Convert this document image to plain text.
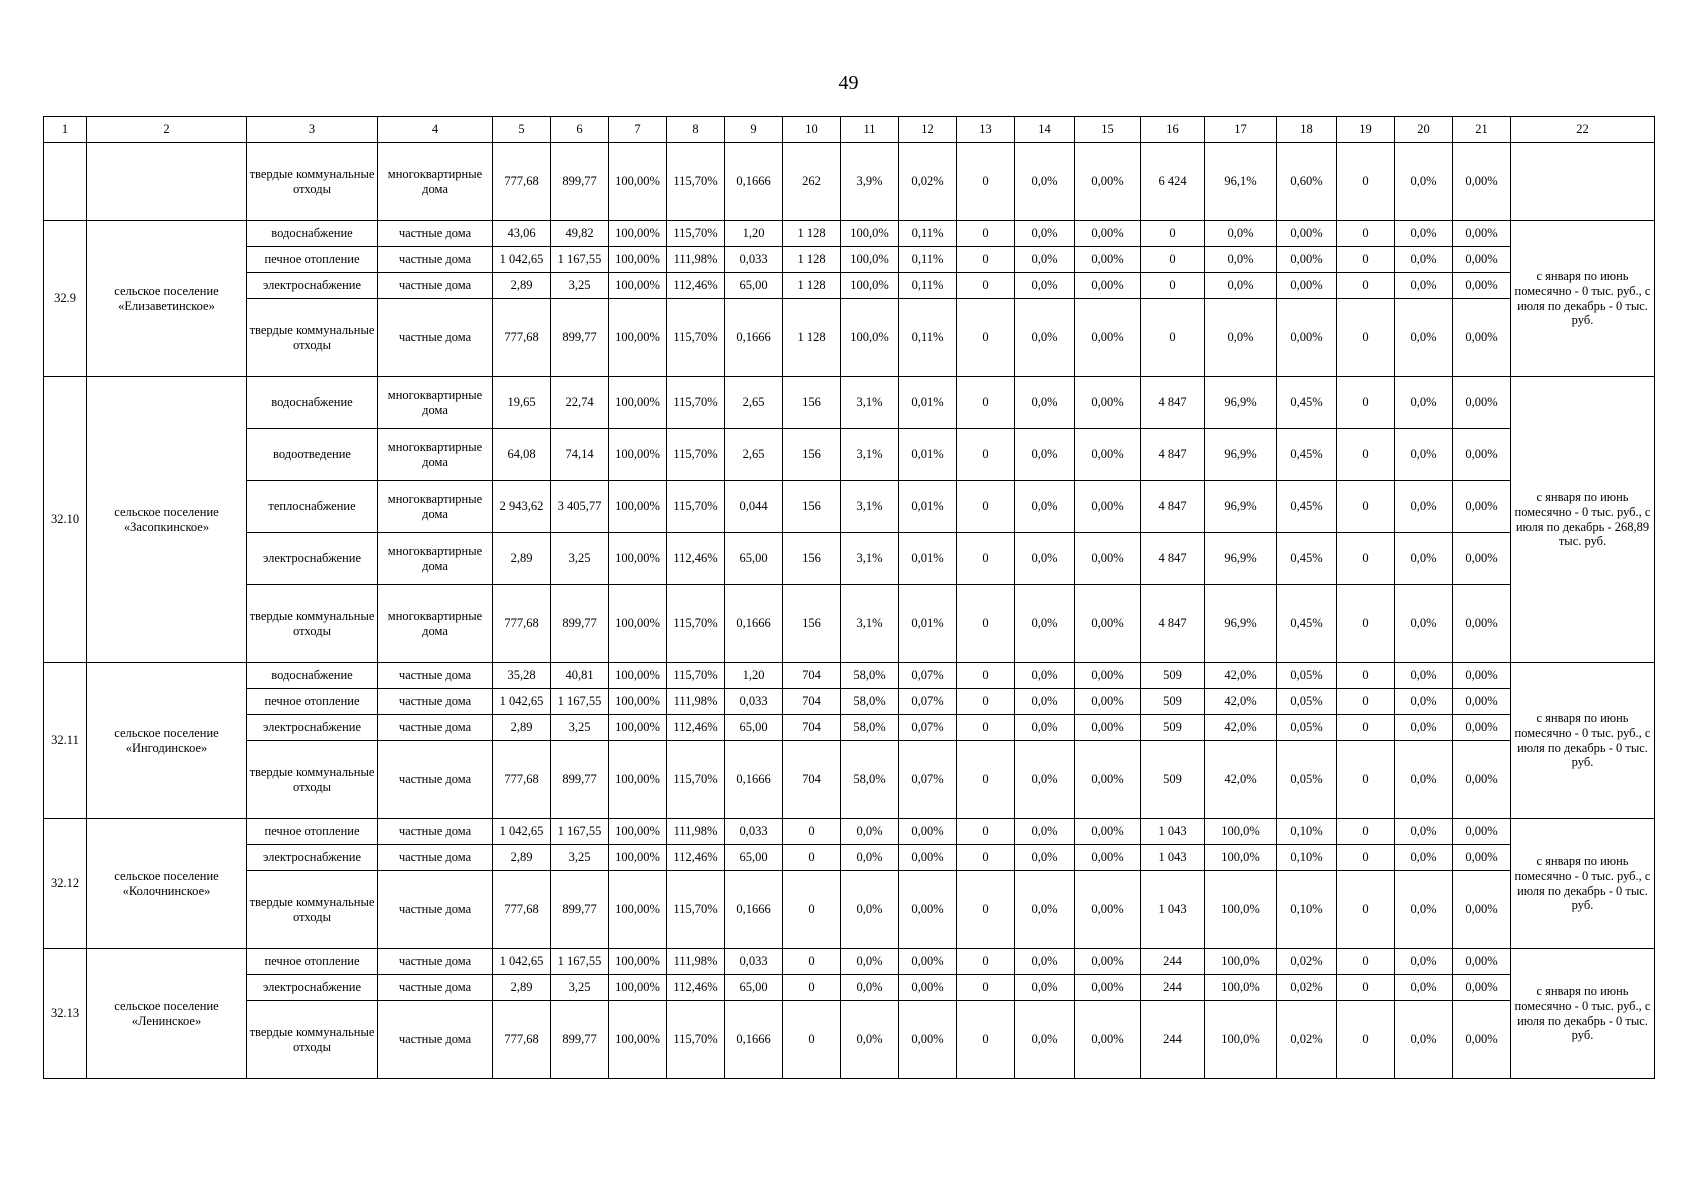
49
1	2	3	4	5	6	7	8	9	10	11	12	13	14	15	16	17	18	19	20	21	22
		твердые коммунальные отходы	многоквартирные дома	777,68	899,77	100,00%	115,70%	0,1666	262	3,9%	0,02%	0	0,0%	0,00%	6 424	96,1%	0,60%	0	0,0%	0,00%	
32.9	сельское поселение «Елизаветинское»	водоснабжение	частные дома	43,06	49,82	100,00%	115,70%	1,20	1 128	100,0%	0,11%	0	0,0%	0,00%	0	0,0%	0,00%	0	0,0%	0,00%	с января по июнь помесячно - 0 тыс. руб., с июля по декабрь - 0 тыс. руб.
		печное отопление	частные дома	1 042,65	1 167,55	100,00%	111,98%	0,033	1 128	100,0%	0,11%	0	0,0%	0,00%	0	0,0%	0,00%	0	0,0%	0,00%	
		электроснабжение	частные дома	2,89	3,25	100,00%	112,46%	65,00	1 128	100,0%	0,11%	0	0,0%	0,00%	0	0,0%	0,00%	0	0,0%	0,00%	
		твердые коммунальные отходы	частные дома	777,68	899,77	100,00%	115,70%	0,1666	1 128	100,0%	0,11%	0	0,0%	0,00%	0	0,0%	0,00%	0	0,0%	0,00%	
32.10	сельское поселение «Засопкинское»	водоснабжение	многоквартирные дома	19,65	22,74	100,00%	115,70%	2,65	156	3,1%	0,01%	0	0,0%	0,00%	4 847	96,9%	0,45%	0	0,0%	0,00%	с января по июнь помесячно - 0 тыс. руб., с июля по декабрь - 268,89 тыс. руб.
		водоотведение	многоквартирные дома	64,08	74,14	100,00%	115,70%	2,65	156	3,1%	0,01%	0	0,0%	0,00%	4 847	96,9%	0,45%	0	0,0%	0,00%	
		теплоснабжение	многоквартирные дома	2 943,62	3 405,77	100,00%	115,70%	0,044	156	3,1%	0,01%	0	0,0%	0,00%	4 847	96,9%	0,45%	0	0,0%	0,00%	
		электроснабжение	многоквартирные дома	2,89	3,25	100,00%	112,46%	65,00	156	3,1%	0,01%	0	0,0%	0,00%	4 847	96,9%	0,45%	0	0,0%	0,00%	
		твердые коммунальные отходы	многоквартирные дома	777,68	899,77	100,00%	115,70%	0,1666	156	3,1%	0,01%	0	0,0%	0,00%	4 847	96,9%	0,45%	0	0,0%	0,00%	
32.11	сельское поселение «Ингодинское»	водоснабжение	частные дома	35,28	40,81	100,00%	115,70%	1,20	704	58,0%	0,07%	0	0,0%	0,00%	509	42,0%	0,05%	0	0,0%	0,00%	с января по июнь помесячно - 0 тыс. руб., с июля по декабрь - 0 тыс. руб.
		печное отопление	частные дома	1 042,65	1 167,55	100,00%	111,98%	0,033	704	58,0%	0,07%	0	0,0%	0,00%	509	42,0%	0,05%	0	0,0%	0,00%	
		электроснабжение	частные дома	2,89	3,25	100,00%	112,46%	65,00	704	58,0%	0,07%	0	0,0%	0,00%	509	42,0%	0,05%	0	0,0%	0,00%	
		твердые коммунальные отходы	частные дома	777,68	899,77	100,00%	115,70%	0,1666	704	58,0%	0,07%	0	0,0%	0,00%	509	42,0%	0,05%	0	0,0%	0,00%	
32.12	сельское поселение «Колочнинское»	печное отопление	частные дома	1 042,65	1 167,55	100,00%	111,98%	0,033	0	0,0%	0,00%	0	0,0%	0,00%	1 043	100,0%	0,10%	0	0,0%	0,00%	с января по июнь помесячно - 0 тыс. руб., с июля по декабрь - 0 тыс. руб.
		электроснабжение	частные дома	2,89	3,25	100,00%	112,46%	65,00	0	0,0%	0,00%	0	0,0%	0,00%	1 043	100,0%	0,10%	0	0,0%	0,00%	
		твердые коммунальные отходы	частные дома	777,68	899,77	100,00%	115,70%	0,1666	0	0,0%	0,00%	0	0,0%	0,00%	1 043	100,0%	0,10%	0	0,0%	0,00%	
32.13	сельское поселение «Ленинское»	печное отопление	частные дома	1 042,65	1 167,55	100,00%	111,98%	0,033	0	0,0%	0,00%	0	0,0%	0,00%	244	100,0%	0,02%	0	0,0%	0,00%	с января по июнь помесячно - 0 тыс. руб., с июля по декабрь - 0 тыс. руб.
		электроснабжение	частные дома	2,89	3,25	100,00%	112,46%	65,00	0	0,0%	0,00%	0	0,0%	0,00%	244	100,0%	0,02%	0	0,0%	0,00%	
		твердые коммунальные отходы	частные дома	777,68	899,77	100,00%	115,70%	0,1666	0	0,0%	0,00%	0	0,0%	0,00%	244	100,0%	0,02%	0	0,0%	0,00%	
